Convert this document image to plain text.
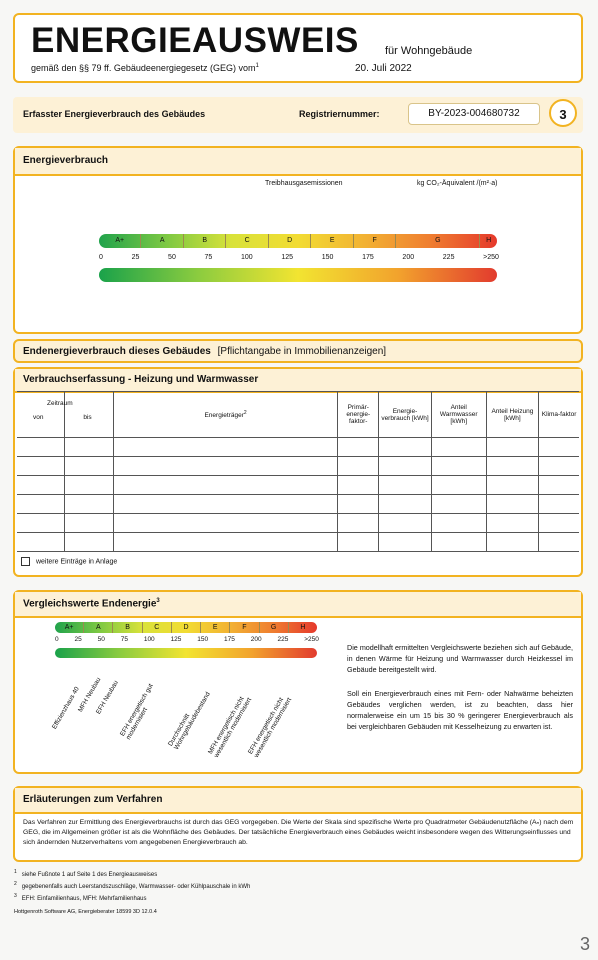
ENERGIEAUSWEIS für Wohngebäude
gemäß den §§ 79 ff. Gebäudeenergiegesetz (GEG) vom$^1$	20. Juli 2022
Erfasster Energieverbrauch des Gebäudes	Registriernummer:	BY-2023-004680732	3
Energieverbrauch
Treibhausgasemissionen	kg CO₂-Äquivalent /(m²·a)
A+	A	B	C	D	E	F	G	H
0	25	50	75	100	125	150	175	200	225	>250
Endenergieverbrauch dieses Gebäudes [Pflichtangabe in Immobilienanzeigen]
Verbrauchserfassung - Heizung und Warmwasser
Zeitraum
von	bis	Energieträger$^2$	Primär-energie-faktor-	Energie-verbrauch [kWh]	Anteil Warmwasser [kWh]	Anteil Heizung [kWh]	Klima-faktor

weitere Einträge in Anlage
Vergleichswerte Endenergie$^3$
A+	A	B	C	D	E	F	G	H
0 25 50 75 100 125 150 175 200 225 >250
Effizienzhaus 40
MFH Neubau
EFH Neubau EFH energetisch gut modernisiert	Durchschnitt Wohngebäudebestand
MFH energetisch nicht wesentlich modernisiert
EFH energetisch nicht wesentlich modernisiert
Die modellhaft ermittelten Vergleichswerte beziehen sich auf Gebäude, in denen Wärme für Heizung und Warmwasser durch Heizkessel im Gebäude bereitgestellt wird.
Soll ein Energieverbrauch eines mit Fern- oder Nahwärme beheizten Gebäudes verglichen werden, ist zu beachten, dass hier normalerweise ein um 15 bis 30 % geringerer Energieverbrauch als bei vergleichbaren Gebäuden mit Kesselheizung zu erwarten ist.
Erläuterungen zum Verfahren
Das Verfahren zur Ermittlung des Energieverbrauchs ist durch das GEG vorgegeben. Die Werte der Skala sind spezifische Werte pro Quadratmeter Gebäudenutzfläche (Aₙ) nach dem GEG, die im Allgemeinen größer ist als die Wohnfläche des Gebäudes. Der tatsächliche Energieverbrauch eines Gebäudes weicht insbesondere wegen des Witterungseinflusses und sich ändernden Nutzerverhaltens vom angegebenen Energieverbrauch ab.
$^1$ siehe Fußnote 1 auf Seite 1 des Energieausweises
$^2$ gegebenenfalls auch Leerstandszuschläge, Warmwasser- oder Kühlpauschale in kWh
$^3$ EFH: Einfamilienhaus, MFH: Mehrfamilienhaus
Hottgenroth Software AG, Energieberater 18599 3D 12.0.4
3
